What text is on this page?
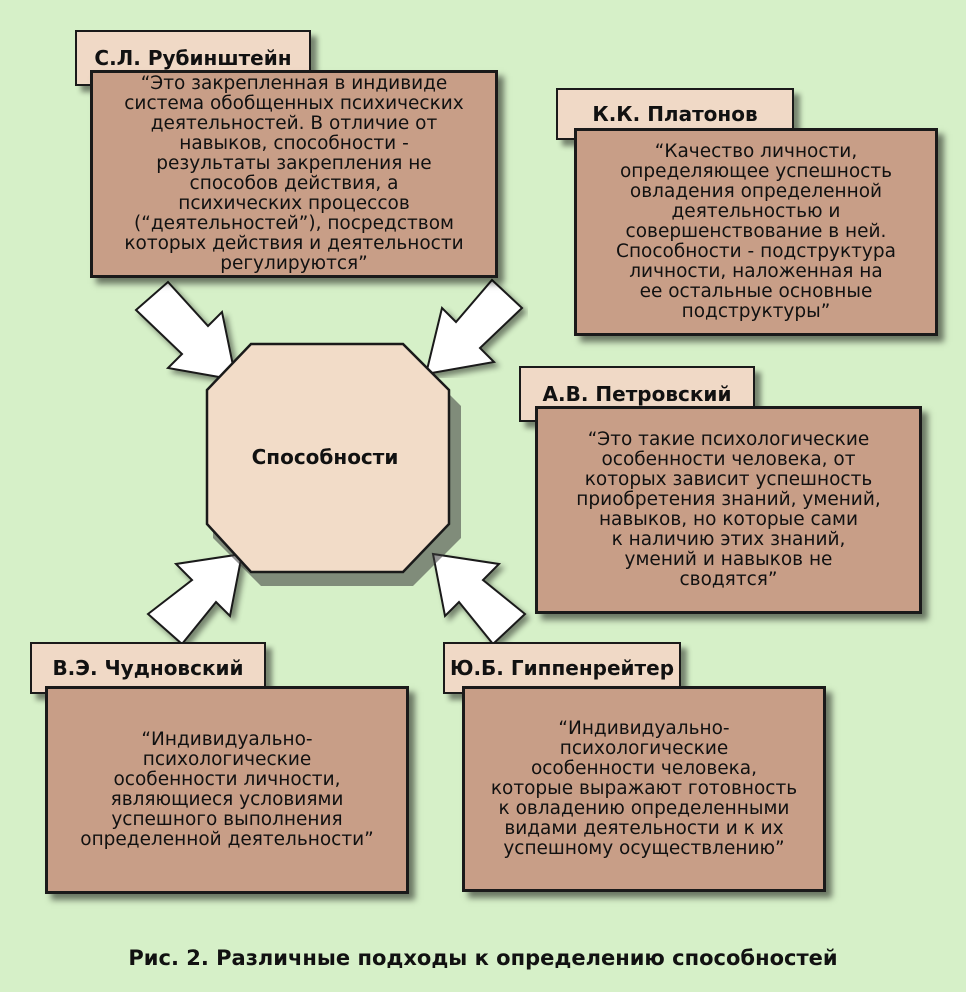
Способности
С.Л. Рубинштейн
“Это закрепленная в индивиде
система обобщенных психических
деятельностей. В отличие от
навыков, способности -
результаты закрепления не
способов действия, а
психических процессов
(“деятельностей”), посредством
которых действия и деятельности
регулируются”
К.К. Платонов
“Качество личности,
определяющее успешность
овладения определенной
деятельностью и
совершенствование в ней.
Способности - подструктура
личности, наложенная на
ее остальные основные
подструктуры”
А.В. Петровский
“Это такие психологические
особенности человека, от
которых зависит успешность
приобретения знаний, умений,
навыков, но которые сами
к наличию этих знаний,
умений и навыков не
сводятся”
В.Э. Чудновский
“Индивидуально-
психологические
особенности личности,
являющиеся условиями
успешного выполнения
определенной деятельности”
Ю.Б. Гиппенрейтер
“Индивидуально-
психологические
особенности человека,
которые выражают готовность
к овладению определенными
видами деятельности и к их
успешному осуществлению”
Рис. 2. Различные подходы к определению способностей
